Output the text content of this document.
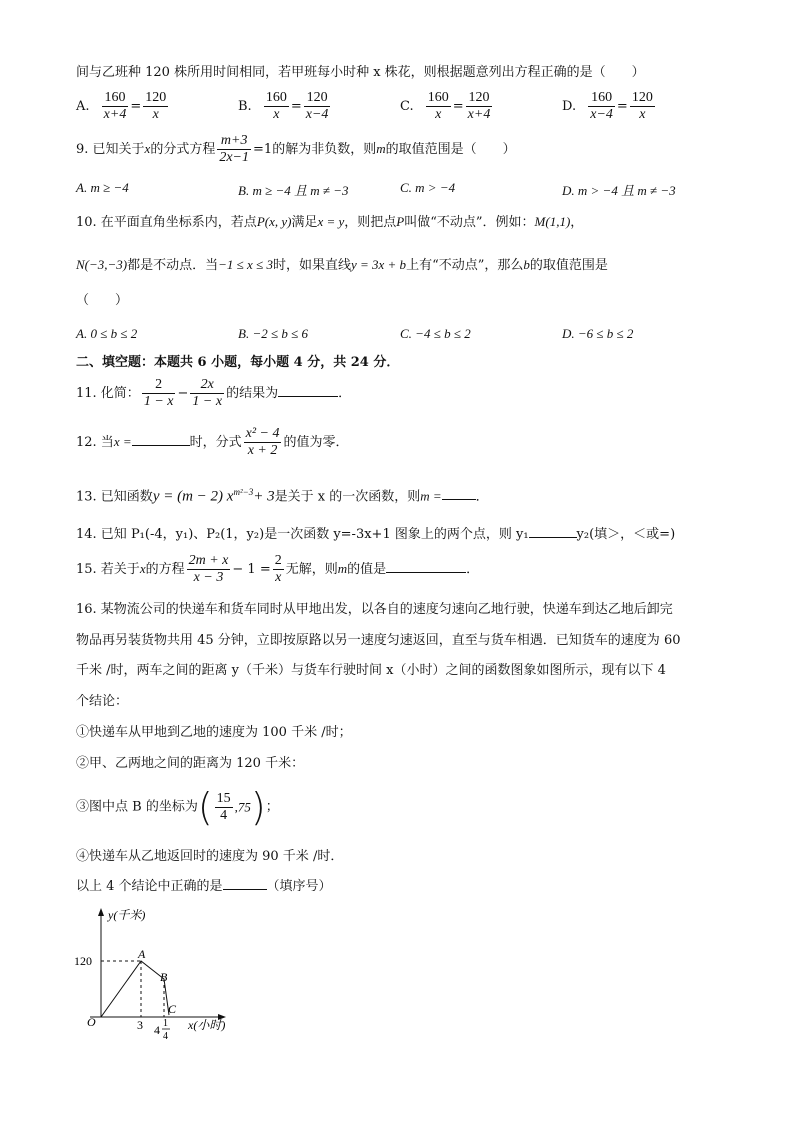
间与乙班种 120 株所用时间相同，若甲班每小时种 x 株花，则根据题意列出方程正确的是（　　）
A. $\frac{160}{x+4} = \frac{120}{x}$	B. $\frac{160}{x} = \frac{120}{x-4}$	C. $\frac{160}{x} = \frac{120}{x+4}$	D. $\frac{160}{x-4} = \frac{120}{x}$
9. 已知关于x的分式方程 $\frac{m+3}{2x-1} =1$的解为非负数，则m的取值范围是（　　）
A. m ≥ −4	B. m ≥ −4 且 m ≠ −3	C. m > −4	D. m > −4 且 m ≠ −3
10. 在平面直角坐标系内，若点P(x, y)满足x = y，则把点P叫做“不动点”．例如：M(1,1)，
N(−3,−3)都是不动点．当−1 ≤ x ≤ 3时，如果直线y = 3x + b上有“不动点”，那么b的取值范围是
（　　）
A. 0 ≤ b ≤ 2	B. −2 ≤ b ≤ 6	C. −4 ≤ b ≤ 2	D. −6 ≤ b ≤ 2
二、填空题：本题共 6 小题，每小题 4 分，共 24 分．
11. 化简： $\frac{2}{1 - x} - \frac{2x}{1 - x}$ 的结果为	．
12. 当x =	时，分式 $\frac{\text{x² − 4}}{x + 2}$ 的值为零．
13. 已知函数y = (m − 2) $x^{m^2-3}+ 3$是关于 x 的一次函数，则m =	．
14. 已知 P₁(-4，y₁)、P₂(1，y₂)是一次函数 y=-3x+1 图象上的两个点，则 y₁	y₂(填＞，＜或=)
15. 若关于x的方程 $\frac{2m + x}{x - 3} - 1 = \frac{2}{x}$ 无解，则m的值是	．
16. 某物流公司的快递车和货车同时从甲地出发，以各自的速度匀速向乙地行驶，快递车到达乙地后卸完
物品再另装货物共用 45 分钟，立即按原路以另一速度匀速返回，直至与货车相遇．已知货车的速度为 60
千米 /时，两车之间的距离 y（千米）与货车行驶时间 x（小时）之间的函数图象如图所示，现有以下 4
个结论：
①快递车从甲地到乙地的速度为 100 千米 /时；
②甲、乙两地之间的距离为 120 千米：
③图中点 B 的坐标为( $\frac{15}{4} ,75$)；
④快递车从乙地返回时的速度为 90 千米 /时．
以上 4 个结论中正确的是	（填序号）
y(千米)
x(小时)
120
O	3 4 1
4
A
B
C
